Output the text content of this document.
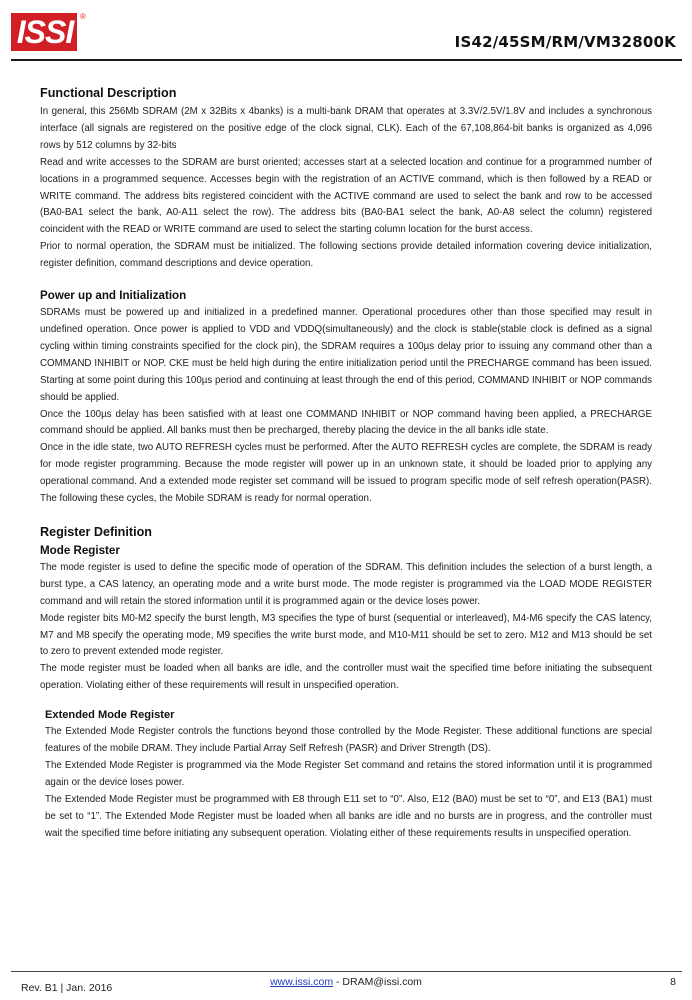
ISSI ®
IS42/45SM/RM/VM32800K
Functional Description

In general, this 256Mb SDRAM (2M x 32Bits x 4banks) is a multi-bank DRAM that operates at 3.3V/2.5V/1.8V and includes a synchronous interface (all signals are registered on the positive edge of the clock signal, CLK). Each of the 67,108,864-bit banks is organized as 4,096 rows by 512 columns by 32-bits

Read and write accesses to the SDRAM are burst oriented; accesses start at a selected location and continue for a programmed number of locations in a programmed sequence. Accesses begin with the registration of an ACTIVE command, which is then followed by a READ or WRITE command. The address bits registered coincident with the ACTIVE command are used to select the bank and row to be accessed (BA0-BA1 select the bank, A0-A11 select the row). The address bits (BA0-BA1 select the bank, A0-A8 select the column) registered coincident with the READ or WRITE command are used to select the starting column location for the burst access.

Prior to normal operation, the SDRAM must be initialized. The following sections provide detailed information covering device initialization, register definition, command descriptions and device operation.

Power up and Initialization

SDRAMs must be powered up and initialized in a predefined manner. Operational procedures other than those specified may result in undefined operation. Once power is applied to VDD and VDDQ(simultaneously) and the clock is stable(stable clock is defined as a signal cycling within timing constraints specified for the clock pin), the SDRAM requires a 100µs delay prior to issuing any command other than a COMMAND INHIBIT or NOP. CKE must be held high during the entire initialization period until the PRECHARGE command has been issued. Starting at some point during this 100µs period and continuing at least through the end of this period, COMMAND INHIBIT or NOP commands should be applied.

Once the 100µs delay has been satisfied with at least one COMMAND INHIBIT or NOP command having been applied, a PRECHARGE command should be applied. All banks must then be precharged, thereby placing the device in the all banks idle state.

Once in the idle state, two AUTO REFRESH cycles must be performed. After the AUTO REFRESH cycles are complete, the SDRAM is ready for mode register programming. Because the mode register will power up in an unknown state, it should be loaded prior to applying any operational command. And a extended mode register set command will be issued to program specific mode of self refresh operation(PASR). The following these cycles, the Mobile SDRAM is ready for normal operation.

Register Definition
Mode Register

The mode register is used to define the specific mode of operation of the SDRAM. This definition includes the selection of a burst length, a burst type, a CAS latency, an operating mode and a write burst mode. The mode register is programmed via the LOAD MODE REGISTER command and will retain the stored information until it is programmed again or the device loses power.

Mode register bits M0-M2 specify the burst length, M3 specifies the type of burst (sequential or interleaved), M4-M6 specify the CAS latency, M7 and M8 specify the operating mode, M9 specifies the write burst mode, and M10-M11 should be set to zero. M12 and M13 should be set to zero to prevent extended mode register.

The mode register must be loaded when all banks are idle, and the controller must wait the specified time before initiating the subsequent operation. Violating either of these requirements will result in unspecified operation.

Extended Mode Register

The Extended Mode Register controls the functions beyond those controlled by the Mode Register. These additional functions are special features of the mobile DRAM. They include Partial Array Self Refresh (PASR) and Driver Strength (DS).

The Extended Mode Register is programmed via the Mode Register Set command and retains the stored information until it is programmed again or the device loses power.

The Extended Mode Register must be programmed with E8 through E11 set to “0”. Also, E12 (BA0) must be set to “0”, and E13 (BA1) must be set to “1”. The Extended Mode Register must be loaded when all banks are idle and no bursts are in progress, and the controller must wait the specified time before initiating any subsequent operation. Violating either of these requirements results in unspecified operation.

Rev. B1 | Jan. 2016	www.issi.com - DRAM@issi.com	8
